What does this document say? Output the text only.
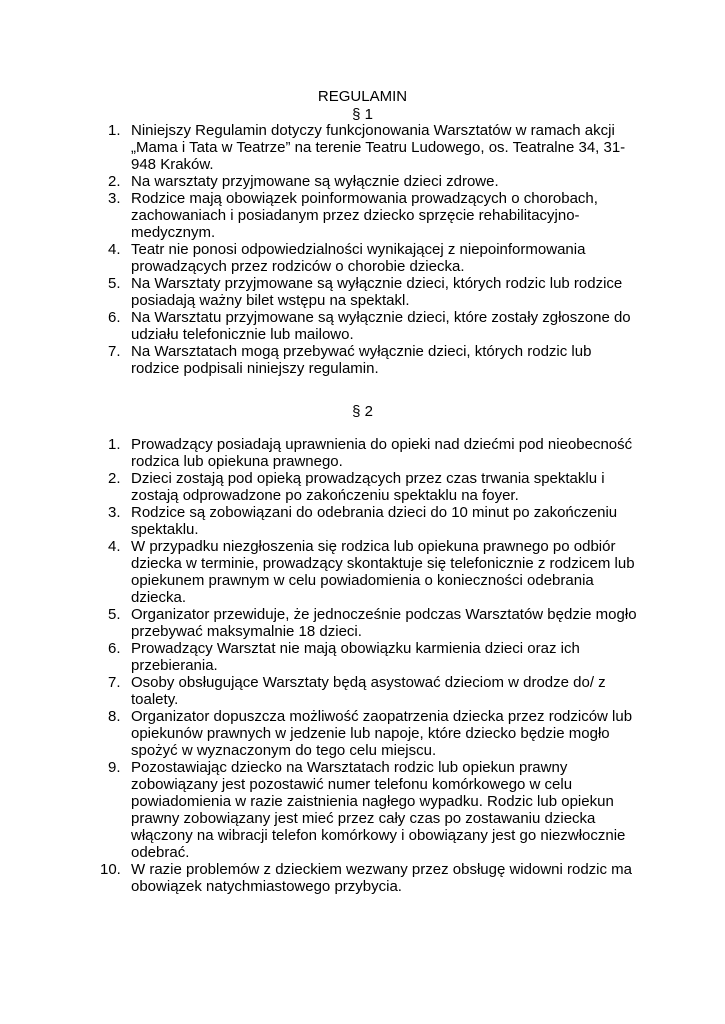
REGULAMIN
§ 1
1. Niniejszy Regulamin dotyczy funkcjonowania Warsztatów w ramach akcji „Mama i Tata w Teatrze” na terenie Teatru Ludowego, os. Teatralne 34, 31-948 Kraków.
2. Na warsztaty przyjmowane są wyłącznie dzieci zdrowe.
3. Rodzice mają obowiązek poinformowania prowadzących o chorobach, zachowaniach i posiadanym przez dziecko sprzęcie rehabilitacyjno-medycznym.
4. Teatr nie ponosi odpowiedzialności wynikającej z niepoinformowania prowadzących przez rodziców o chorobie dziecka.
5. Na Warsztaty przyjmowane są wyłącznie dzieci, których rodzic lub rodzice posiadają ważny bilet wstępu na spektakl.
6. Na Warsztatu przyjmowane są wyłącznie dzieci, które zostały zgłoszone do udziału telefonicznie lub mailowo.
7. Na Warsztatach mogą przebywać wyłącznie dzieci, których rodzic lub rodzice podpisali niniejszy regulamin.
§ 2
1. Prowadzący posiadają uprawnienia do opieki nad dziećmi pod nieobecność rodzica lub opiekuna prawnego.
2. Dzieci zostają pod opieką prowadzących przez czas trwania spektaklu i zostają odprowadzone po zakończeniu spektaklu na foyer.
3. Rodzice są zobowiązani do odebrania dzieci do 10 minut po zakończeniu spektaklu.
4. W przypadku niezgłoszenia się rodzica lub opiekuna prawnego po odbiór dziecka w terminie, prowadzący skontaktuje się telefonicznie z rodzicem lub opiekunem prawnym w celu powiadomienia o konieczności odebrania dziecka.
5. Organizator przewiduje, że jednocześnie podczas Warsztatów będzie mogło przebywać maksymalnie 18 dzieci.
6. Prowadzący Warsztat nie mają obowiązku karmienia dzieci oraz ich przebierania.
7. Osoby obsługujące Warsztaty będą asystować dzieciom w drodze do/ z toalety.
8. Organizator dopuszcza możliwość zaopatrzenia dziecka przez rodziców lub opiekunów prawnych w jedzenie lub napoje, które dziecko będzie mogło spożyć w wyznaczonym do tego celu miejscu.
9. Pozostawiając dziecko na Warsztatach rodzic lub opiekun prawny zobowiązany jest pozostawić numer telefonu komórkowego w celu powiadomienia w razie zaistnienia nagłego wypadku. Rodzic lub opiekun prawny zobowiązany jest mieć przez cały czas po zostawaniu dziecka włączony na wibracji telefon komórkowy i obowiązany jest go niezwłocznie odebrać.
10. W razie problemów z dzieckiem wezwany przez obsługę widowni rodzic ma obowiązek natychmiastowego przybycia.
